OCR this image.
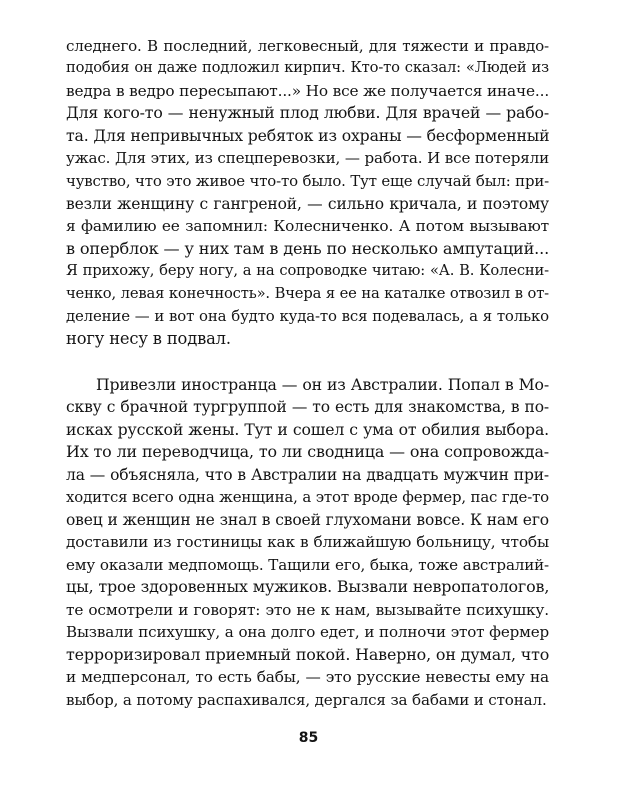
следнего. В последний, легковесный, для тяжести и правдо-
подобия он даже подложил кирпич. Кто-то сказал: «Людей из
ведра в ведро пересыпают...» Но все же получается иначе...
Для кого-то — ненужный плод любви. Для врачей — рабо-
та. Для непривычных ребяток из охраны — бесформенный
ужас. Для этих, из спецперевозки, — работа. И все потеряли
чувство, что это живое что-то было. Тут еще случай был: при-
везли женщину с гангреной, — сильно кричала, и поэтому
я фамилию ее запомнил: Колесниченко. А потом вызывают
в оперблок — у них там в день по несколько ампутаций...
Я прихожу, беру ногу, а на сопроводке читаю: «А. В. Колесни-
ченко, левая конечность». Вчера я ее на каталке отвозил в от-
деление — и вот она будто куда-то вся подевалась, а я только
ногу несу в подвал.
Привезли иностранца — он из Австралии. Попал в Мо-
скву с брачной тургруппой — то есть для знакомства, в по-
исках русской жены. Тут и сошел с ума от обилия выбора.
Их то ли переводчица, то ли сводница — она сопровожда-
ла — объясняла, что в Австралии на двадцать мужчин при-
ходится всего одна женщина, а этот вроде фермер, пас где-то
овец и женщин не знал в своей глухомани вовсе. К нам его
доставили из гостиницы как в ближайшую больницу, чтобы
ему оказали медпомощь. Тащили его, быка, тоже австралий-
цы, трое здоровенных мужиков. Вызвали невропатологов,
те осмотрели и говорят: это не к нам, вызывайте психушку.
Вызвали психушку, а она долго едет, и полночи этот фермер
терроризировал приемный покой. Наверно, он думал, что
и медперсонал, то есть бабы, — это русские невесты ему на
выбор, а потому распахивался, дергался за бабами и стонал.
85
